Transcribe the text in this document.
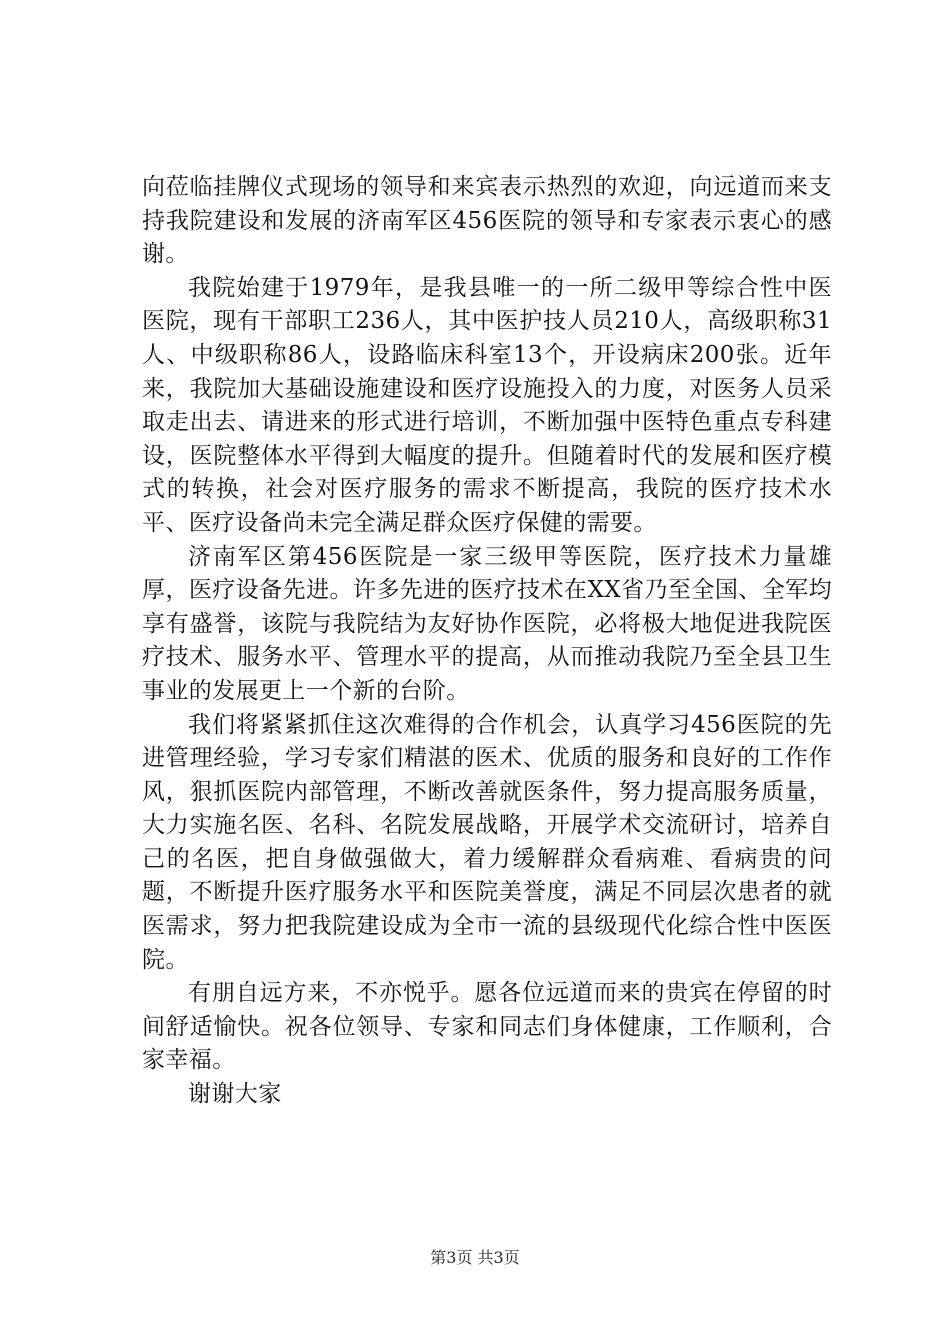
向莅临挂牌仪式现场的领导和来宾表示热烈的欢迎，向远道而来支持我院建设和发展的济南军区456医院的领导和专家表示衷心的感谢。

我院始建于1979年，是我县唯一的一所二级甲等综合性中医医院，现有干部职工236人，其中医护技人员210人，高级职称31人、中级职称86人，设路临床科室13个，开设病床200张。近年来，我院加大基础设施建设和医疗设施投入的力度，对医务人员采取走出去、请进来的形式进行培训，不断加强中医特色重点专科建设，医院整体水平得到大幅度的提升。但随着时代的发展和医疗模式的转换，社会对医疗服务的需求不断提高，我院的医疗技术水平、医疗设备尚未完全满足群众医疗保健的需要。

济南军区第456医院是一家三级甲等医院，医疗技术力量雄厚，医疗设备先进。许多先进的医疗技术在XX省乃至全国、全军均享有盛誉，该院与我院结为友好协作医院，必将极大地促进我院医疗技术、服务水平、管理水平的提高，从而推动我院乃至全县卫生事业的发展更上一个新的台阶。

我们将紧紧抓住这次难得的合作机会，认真学习456医院的先进管理经验，学习专家们精湛的医术、优质的服务和良好的工作作风，狠抓医院内部管理，不断改善就医条件，努力提高服务质量，大力实施名医、名科、名院发展战略，开展学术交流研讨，培养自己的名医，把自身做强做大，着力缓解群众看病难、看病贵的问题，不断提升医疗服务水平和医院美誉度，满足不同层次患者的就医需求，努力把我院建设成为全市一流的县级现代化综合性中医医院。

有朋自远方来，不亦悦乎。愿各位远道而来的贵宾在停留的时间舒适愉快。祝各位领导、专家和同志们身体健康，工作顺利，合家幸福。

谢谢大家

第3页 共3页
